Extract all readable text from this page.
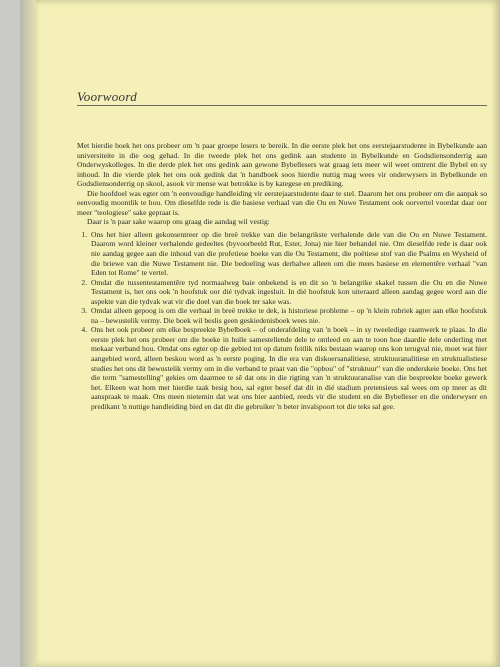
Voorwoord

Met hierdie boek het ons probeer om 'n paar groepe lesers te bereik. In die eerste plek het ons eerstejaarstudente in Bybelkunde aan universiteite in die oog gehad. In die tweede plek het ons gedink aan studente in Bybelkunde en Godsdiensonderrig aan Onderwyskolleges. In die derde plek het ons gedink aan gewone Bybellesers wat graag iets meer wil weet omtrent die Bybel en sy inhoud. In die vierde plek het ons ook gedink dat 'n handboek soos hierdie nuttig mag wees vir onderwysers in Bybelkunde en Godsdiensonderrig op skool, asook vir mense wat betrokke is by kategese en prediking.

Die hoofdoel was egter om 'n eenvoudige handleiding vir eerstejaarstudente daar te stel. Daarom het ons probeer om die aanpak so eenvoudig moontlik te hou. Om dieselfde rede is die basiese verhaal van die Ou en Nuwe Testament ook oorvertel voordat daar oor meer "teologiese" sake gepraat is.

Daar is 'n paar sake waarop ons graag die aandag wil vestig:

1. Ons het hier alleen gekonsentreer op die breë trekke van die belangrikste verhalende dele van die Ou en Nuwe Testament. Daarom word kleiner verhalende gedeeltes (byvoorbeeld Rut, Ester, Jona) nie hier behandel nie. Om dieselfde rede is daar ook nie aandag gegee aan die inhoud van die profetiese boeke van die Ou Testament, die poëtiese stof van die Psalms en Wysheid of die briewe van die Nuwe Testament nie. Die bedoeling was derhalwe alleen om die mees basiese en elementêre verhaal "van Eden tot Rome" te vertel.
2. Omdat die tussentestamentêre tyd normaalweg baie onbekend is en dit so 'n belangrike skakel tussen die Ou en die Nuwe Testament is, het ons ook 'n hoofstuk oor dié tydvak ingesluit. In dié hoofstuk kon uiteraard alleen aandag gegee word aan die aspekte van die tydvak wat vir die doel van die boek ter sake was.
3. Omdat alleen gepoog is om die verhaal in breë trekke te dek, is historiese probleme – op 'n klein rubriek agter aan elke hoofstuk na – bewustelik vermy. Die boek wil beslis geen geskiedenisboek wees nie.
4. Ons het ook probeer om elke bespreekte Bybelboek – of onderafdeling van 'n boek – in sy tweeledige raamwerk te plaas. In die eerste plek het ons probeer om die boeke in hulle samestellende dele te ontleed en aan te toon hoe daardie dele onderling met mekaar verband hou. Omdat ons egter op die gebied tot op datum feitlik niks bestaan waarop ons kon terugval nie, moet wat hier aangebied word, alleen beskou word as 'n eerste poging. In die era van diskoersanalitiese, struktuuranalitiese en struktualistiese studies het ons dit bewustelik vermy om in die verband te praat van die "opbou" of "struktuur" van die onderskeie boeke. Ons het die term "samestelling" gekies om daarmee te sê dat ons in die rigting van 'n struktuuranalise van die bespreekte boeke gewerk het. Elkeen wat hom met hierdie taak besig hou, sal egter besef dat dit in dié stadium pretensieus sal wees om op meer as dít aanspraak te maak. Ons meen nietemin dat wat ons hier aanbied, reeds vir die student en die Bybelleser en die onderwyser en predikant 'n nuttige handleiding bied en dat dit die gebruiker 'n beter invalspoort tot die teks sal gee.
